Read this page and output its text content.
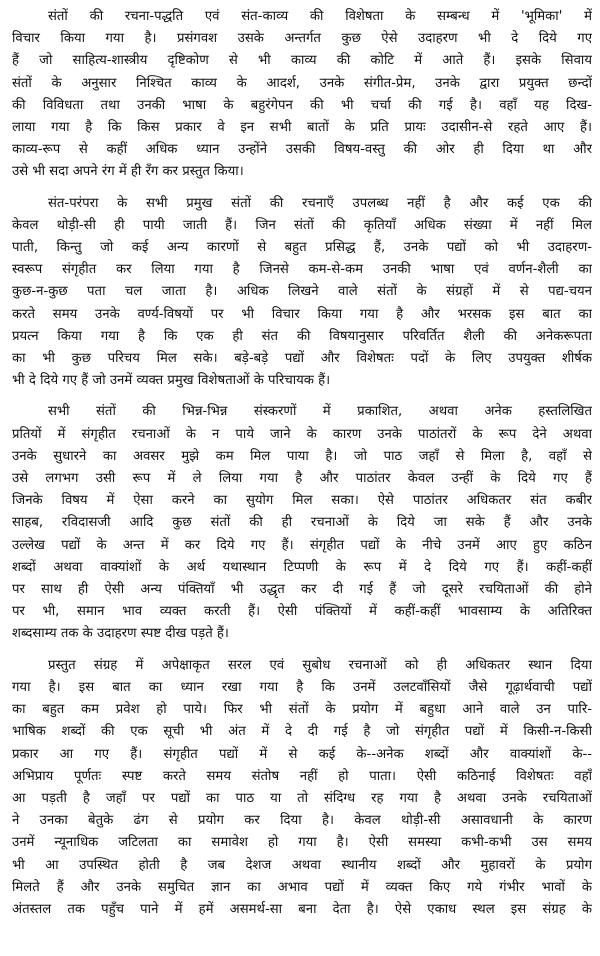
संतों की रचना-पद्धति एवं संत-काव्य की विशेषता के सम्बन्ध में 'भूमिका' में
विचार किया गया है। प्रसंगवश उसके अन्तर्गत कुछ ऐसे उदाहरण भी दे दिये गए
हैं जो साहित्य-शास्त्रीय दृष्टिकोण से भी काव्य की कोटि में आते हैं। इसके सिवाय
संतों के अनुसार निश्चित काव्य के आदर्श, उनके संगीत-प्रेम, उनके द्वारा प्रयुक्त छन्दों
की विविधता तथा उनकी भाषा के बहुरंगेपन की भी चर्चा की गई है। वहाँ यह दिख-
लाया गया है कि किस प्रकार वे इन सभी बातों के प्रति प्रायः उदासीन-से रहते आए हैं।
काव्य-रूप से कहीं अधिक ध्यान उन्होंने उसकी विषय-वस्तु की ओर ही दिया था और
उसे भी सदा अपने रंग में ही रँग कर प्रस्तुत किया।
संत-परंपरा के सभी प्रमुख संतों की रचनाएँ उपलब्ध नहीं है और कई एक की
केवल थोड़ी-सी ही पायी जाती हैं। जिन संतों की कृतियाँ अधिक संख्या में नहीं मिल
पाती, किन्तु जो कई अन्य कारणों से बहुत प्रसिद्ध हैं, उनके पद्यों को भी उदाहरण-
स्वरूप संगृहीत कर लिया गया है जिनसे कम-से-कम उनकी भाषा एवं वर्णन-शैली का
कुछ-न-कुछ पता चल जाता है। अधिक लिखने वाले संतों के संग्रहों में से पद्य-चयन
करते समय उनके वर्ण्य-विषयों पर भी विचार किया गया है और भरसक इस बात का
प्रयत्न किया गया है कि एक ही संत की विषयानुसार परिवर्तित शैली की अनेकरूपता
का भी कुछ परिचय मिल सके। बड़े-बड़े पद्यों और विशेषतः पदों के लिए उपयुक्त शीर्षक
भी दे दिये गए हैं जो उनमें व्यक्त प्रमुख विशेषताओं के परिचायक हैं।
सभी संतों की भिन्न-भिन्न संस्करणों में प्रकाशित, अथवा अनेक हस्तलिखित
प्रतियों में संगृहीत रचनाओं के न पाये जाने के कारण उनके पाठांतरों के रूप देने अथवा
उनके सुधारने का अवसर मुझे कम मिल पाया है। जो पाठ जहाँ से मिला है, वहाँ से
उसे लगभग उसी रूप में ले लिया गया है और पाठांतर केवल उन्हीं के दिये गए हैं
जिनके विषय में ऐसा करने का सुयोग मिल सका। ऐसे पाठांतर अधिकतर संत कबीर
साहब, रविदासजी आदि कुछ संतों की ही रचनाओं के दिये जा सके हैं और उनके
उल्लेख पद्यों के अन्त में कर दिये गए हैं। संगृहीत पद्यों के नीचे उनमें आए हुए कठिन
शब्दों अथवा वाक्यांशों के अर्थ यथास्थान टिप्पणी के रूप में दे दिये गए हैं। कहीं-कहीं
पर साथ ही ऐसी अन्य पंक्तियाँ भी उद्धृत कर दी गई हैं जो दूसरे रचयिताओं की होने
पर भी, समान भाव व्यक्त करती हैं। ऐसी पंक्तियों में कहीं-कहीं भावसाम्य के अतिरिक्त
शब्दसाम्य तक के उदाहरण स्पष्ट दीख पड़ते हैं।
प्रस्तुत संग्रह में अपेक्षाकृत सरल एवं सुबोध रचनाओं को ही अधिकतर स्थान दिया
गया है। इस बात का ध्यान रखा गया है कि उनमें उलटवाँसियों जैसे गूढ़ार्थवाची पद्यों
का बहुत कम प्रवेश हो पाये। फिर भी संतों के प्रयोग में बहुधा आने वाले उन पारि-
भाषिक शब्दों की एक सूची भी अंत में दे दी गई है जो संगृहीत पद्यों में किसी-न-किसी
प्रकार आ गए हैं। संगृहीत पद्यों में से कई के--अनेक शब्दों और वाक्यांशों के--
अभिप्राय पूर्णतः स्पष्ट करते समय संतोष नहीं हो पाता। ऐसी कठिनाई विशेषतः वहाँ
आ पड़ती है जहाँ पर पद्यों का पाठ या तो संदिग्ध रह गया है अथवा उनके रचयिताओं
ने उनका बेतुके ढंग से प्रयोग कर दिया है। केवल थोड़ी-सी असावधानी के कारण
उनमें न्यूनाधिक जटिलता का समावेश हो गया है। ऐसी समस्या कभी-कभी उस समय
भी आ उपस्थित होती है जब देशज अथवा स्थानीय शब्दों और मुहावरों के प्रयोग
मिलते हैं और उनके समुचित ज्ञान का अभाव पद्यों में व्यक्त किए गये गंभीर भावों के
अंतस्तल तक पहुँच पाने में हमें असमर्थ-सा बना देता है। ऐसे एकाध स्थल इस संग्रह के
